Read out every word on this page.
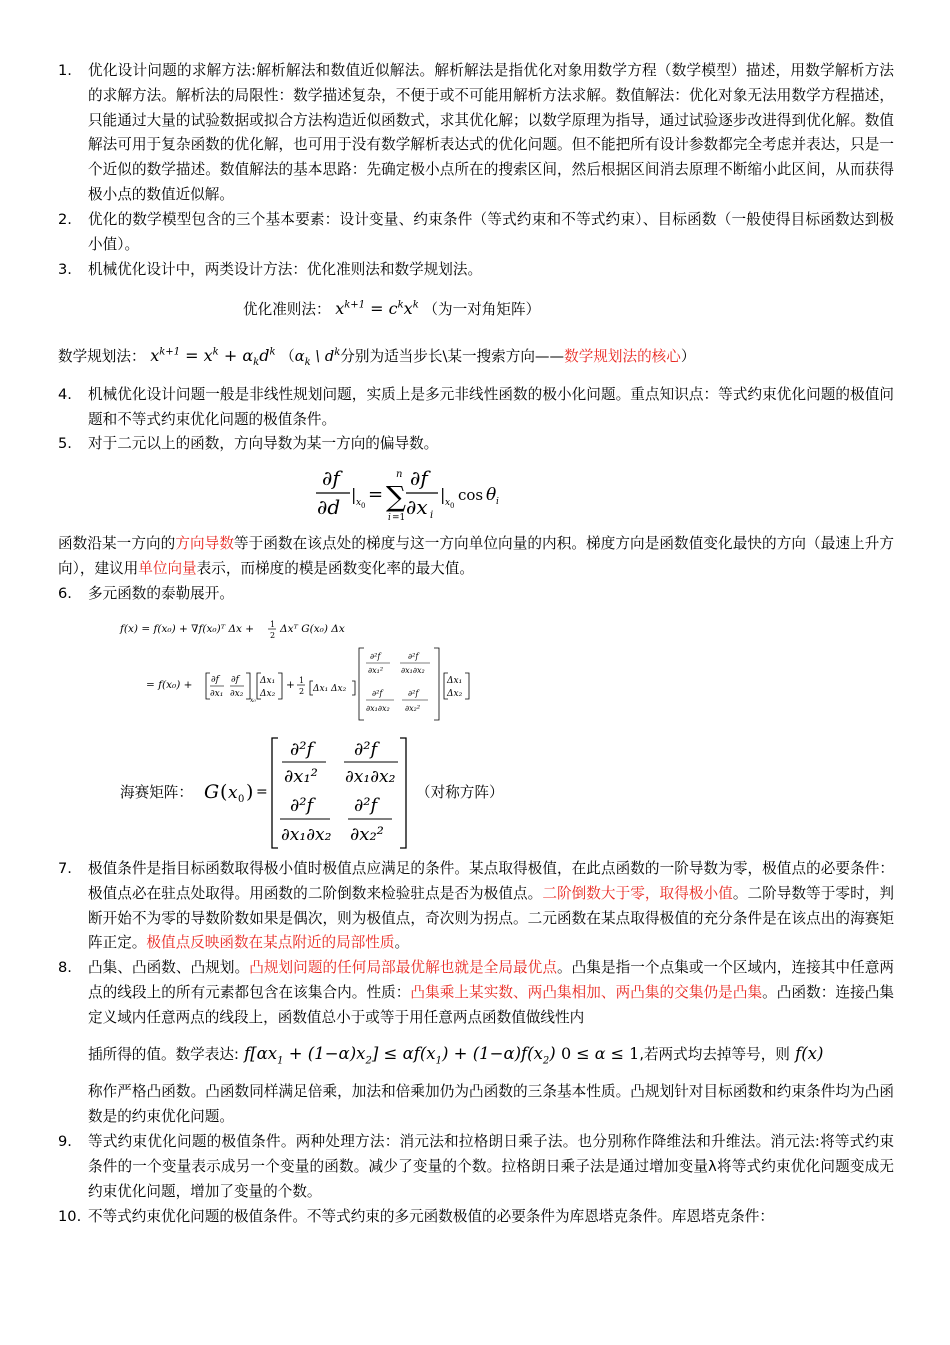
1.	优化设计问题的求解方法:解析解法和数值近似解法。解析解法是指优化对象用数学方程（数学模型）描述，用数学解析方法的求解方法。解析法的局限性：数学描述复杂，不便于或不可能用解析方法求解。数值解法：优化对象无法用数学方程描述，只能通过大量的试验数据或拟合方法构造近似函数式，求其优化解；以数学原理为指导，通过试验逐步改进得到优化解。数值解法可用于复杂函数的优化解，也可用于没有数学解析表达式的优化问题。但不能把所有设计参数都完全考虑并表达，只是一个近似的数学描述。数值解法的基本思路：先确定极小点所在的搜索区间，然后根据区间消去原理不断缩小此区间，从而获得极小点的数值近似解。
2.	优化的数学模型包含的三个基本要素：设计变量、约束条件（等式约束和不等式约束）、目标函数（一般使得目标函数达到极小值）。
3.	机械优化设计中，两类设计方法：优化准则法和数学规划法。
优化准则法： $x^{k+1} = c^kx^k$ （为一对角矩阵）
数学规划法： $x^{k+1} = x^k + \alpha_kd^k$ （$\alpha_k$ \ $d^k$分别为适当步长\某一搜索方向——数学规划法的核心）
4.	机械优化设计问题一般是非线性规划问题，实质上是多元非线性函数的极小化问题。重点知识点：等式约束优化问题的极值问题和不等式约束优化问题的极值条件。
5.	对于二元以上的函数，方向导数为某一方向的偏导数。
∂f
∂d
| x 0
= ∑
n
i =1
∂f
∂x i
| x 0
cos θ i
函数沿某一方向的方向导数等于函数在该点处的梯度与这一方向单位向量的内积。梯度方向是函数值变化最快的方向（最速上升方向），建议用单位向量表示，而梯度的模是函数变化率的最大值。
6.	多元函数的泰勒展开。
f(x) = f(x₀) + ∇f(x₀)ᵀ Δx + 1
2
Δxᵀ G(x₀) Δx
= f(x₀) + ∂f
∂x₁
∂f
∂x₂
x₀
Δx₁
Δx₂
+ 1
2 Δx₁ Δx₂
∂²f
∂x₁²
∂²f
∂x₁∂x₂
∂²f
∂x₁∂x₂
∂²f
∂x₂²
Δx₁
Δx₂
海赛矩阵： G ( x 0 ) =
∂²f
∂x₁²
∂²f
∂x₁∂x₂
∂²f
∂x₁∂x₂
∂²f
∂x₂²
（对称方阵）
7.	极值条件是指目标函数取得极小值时极值点应满足的条件。某点取得极值，在此点函数的一阶导数为零，极值点的必要条件：极值点必在驻点处取得。用函数的二阶倒数来检验驻点是否为极值点。二阶倒数大于零，取得极小值。二阶导数等于零时，判断开始不为零的导数阶数如果是偶次，则为极值点，奇次则为拐点。二元函数在某点取得极值的充分条件是在该点出的海赛矩阵正定。极值点反映函数在某点附近的局部性质。
8.	凸集、凸函数、凸规划。凸规划问题的任何局部最优解也就是全局最优点。凸集是指一个点集或一个区域内，连接其中任意两点的线段上的所有元素都包含在该集合内。性质：凸集乘上某实数、两凸集相加、两凸集的交集仍是凸集。凸函数：连接凸集定义域内任意两点的线段上，函数值总小于或等于用任意两点函数值做线性内
插所得的值。数学表达: $f[\alpha x_1 + (1-\alpha)x_2] \le \alpha f(x_1) + (1-\alpha)f(x_2) 0 \le \alpha \le 1$,若两式均去掉等号，则 f(x)
称作严格凸函数。凸函数同样满足倍乘，加法和倍乘加仍为凸函数的三条基本性质。凸规划针对目标函数和约束条件均为凸函数是的约束优化问题。
9.	等式约束优化问题的极值条件。两种处理方法：消元法和拉格朗日乘子法。也分别称作降维法和升维法。消元法:将等式约束条件的一个变量表示成另一个变量的函数。减少了变量的个数。拉格朗日乘子法是通过增加变量λ将等式约束优化问题变成无约束优化问题，增加了变量的个数。
10. 不等式约束优化问题的极值条件。不等式约束的多元函数极值的必要条件为库恩塔克条件。库恩塔克条件：
